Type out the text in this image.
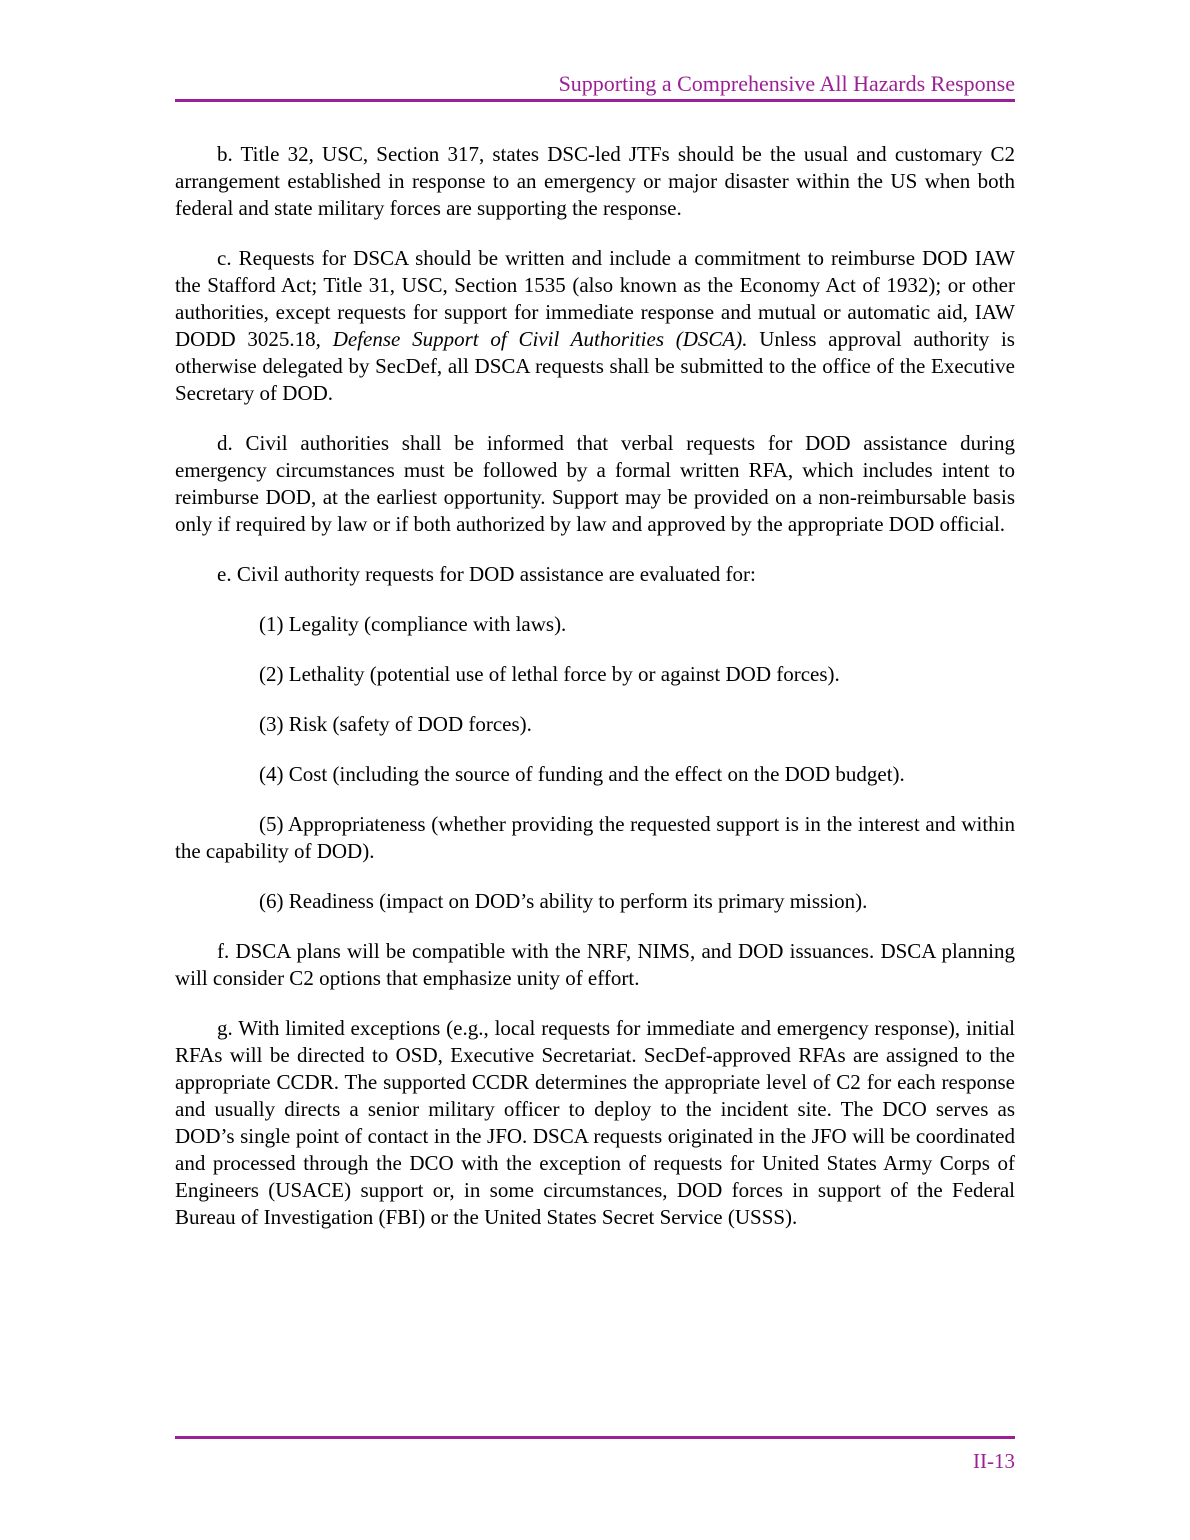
Supporting a Comprehensive All Hazards Response

b. Title 32, USC, Section 317, states DSC-led JTFs should be the usual and customary C2 arrangement established in response to an emergency or major disaster within the US when both federal and state military forces are supporting the response.

c. Requests for DSCA should be written and include a commitment to reimburse DOD IAW the Stafford Act; Title 31, USC, Section 1535 (also known as the Economy Act of 1932); or other authorities, except requests for support for immediate response and mutual or automatic aid, IAW DODD 3025.18, Defense Support of Civil Authorities (DSCA). Unless approval authority is otherwise delegated by SecDef, all DSCA requests shall be submitted to the office of the Executive Secretary of DOD.

d. Civil authorities shall be informed that verbal requests for DOD assistance during emergency circumstances must be followed by a formal written RFA, which includes intent to reimburse DOD, at the earliest opportunity. Support may be provided on a non-reimbursable basis only if required by law or if both authorized by law and approved by the appropriate DOD official.

e. Civil authority requests for DOD assistance are evaluated for:

(1) Legality (compliance with laws).

(2) Lethality (potential use of lethal force by or against DOD forces).

(3) Risk (safety of DOD forces).

(4) Cost (including the source of funding and the effect on the DOD budget).

(5) Appropriateness (whether providing the requested support is in the interest and within the capability of DOD).

(6) Readiness (impact on DOD’s ability to perform its primary mission).

f. DSCA plans will be compatible with the NRF, NIMS, and DOD issuances. DSCA planning will consider C2 options that emphasize unity of effort.

g. With limited exceptions (e.g., local requests for immediate and emergency response), initial RFAs will be directed to OSD, Executive Secretariat. SecDef-approved RFAs are assigned to the appropriate CCDR. The supported CCDR determines the appropriate level of C2 for each response and usually directs a senior military officer to deploy to the incident site. The DCO serves as DOD’s single point of contact in the JFO. DSCA requests originated in the JFO will be coordinated and processed through the DCO with the exception of requests for United States Army Corps of Engineers (USACE) support or, in some circumstances, DOD forces in support of the Federal Bureau of Investigation (FBI) or the United States Secret Service (USSS).

II-13
